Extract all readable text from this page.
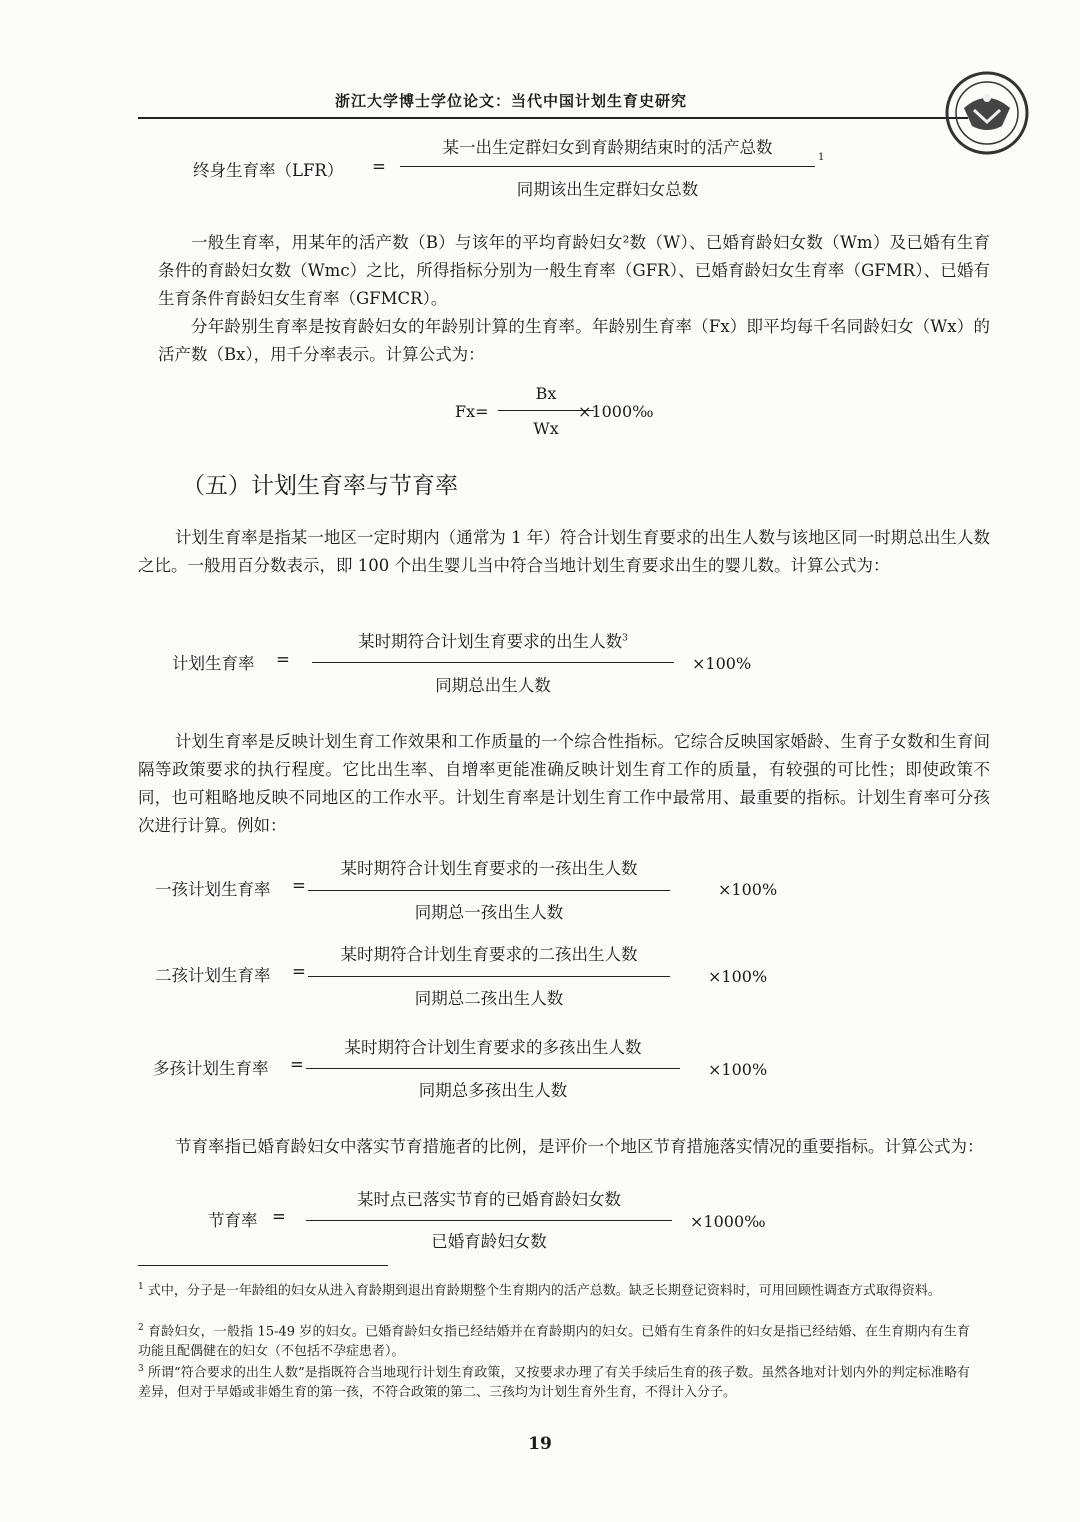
浙江大学博士学位论文：当代中国计划生育史研究
终身生育率（LFR） =
某一出生定群妇女到育龄期结束时的活产总数
同期该出生定群妇女总数
1
一般生育率，用某年的活产数（B）与该年的平均育龄妇女²数（W）、已婚育龄妇女数（Wm）及已婚有生育条件的育龄妇女数（Wmc）之比，所得指标分别为一般生育率（GFR）、已婚育龄妇女生育率（GFMR）、已婚有生育条件育龄妇女生育率（GFMCR）。
分年龄别生育率是按育龄妇女的年龄别计算的生育率。年龄别生育率（Fx）即平均每千名同龄妇女（Wx）的活产数（Bx），用千分率表示。计算公式为：
Fx=
Bx
Wx
×1000‰
（五）计划生育率与节育率
计划生育率是指某一地区一定时期内（通常为 1 年）符合计划生育要求的出生人数与该地区同一时期总出生人数之比。一般用百分数表示，即 100 个出生婴儿当中符合当地计划生育要求出生的婴儿数。计算公式为：
计划生育率 =
某时期符合计划生育要求的出生人数$^3$
同期总出生人数
×100%
计划生育率是反映计划生育工作效果和工作质量的一个综合性指标。它综合反映国家婚龄、生育子女数和生育间隔等政策要求的执行程度。它比出生率、自增率更能准确反映计划生育工作的质量，有较强的可比性；即使政策不同，也可粗略地反映不同地区的工作水平。计划生育率是计划生育工作中最常用、最重要的指标。计划生育率可分孩次进行计算。例如：
一孩计划生育率 =
某时期符合计划生育要求的一孩出生人数
同期总一孩出生人数
×100%
二孩计划生育率 =
某时期符合计划生育要求的二孩出生人数
同期总二孩出生人数
×100%
多孩计划生育率 =
某时期符合计划生育要求的多孩出生人数
同期总多孩出生人数
×100%
节育率指已婚育龄妇女中落实节育措施者的比例，是评价一个地区节育措施落实情况的重要指标。计算公式为：
节育率 =
某时点已落实节育的已婚育龄妇女数
已婚育龄妇女数
×1000‰
$^1$ 式中，分子是一年龄组的妇女从进入育龄期到退出育龄期整个生育期内的活产总数。缺乏长期登记资料时，可用回顾性调查方式取得资料。
$^2$ 育龄妇女，一般指 15-49 岁的妇女。已婚育龄妇女指已经结婚并在育龄期内的妇女。已婚有生育条件的妇女是指已经结婚、在生育期内有生育功能且配偶健在的妇女（不包括不孕症患者）。
$^3$ 所谓“符合要求的出生人数”是指既符合当地现行计划生育政策，又按要求办理了有关手续后生育的孩子数。虽然各地对计划内外的判定标准略有差异，但对于早婚或非婚生育的第一孩，不符合政策的第二、三孩均为计划生育外生育，不得计入分子。
19
